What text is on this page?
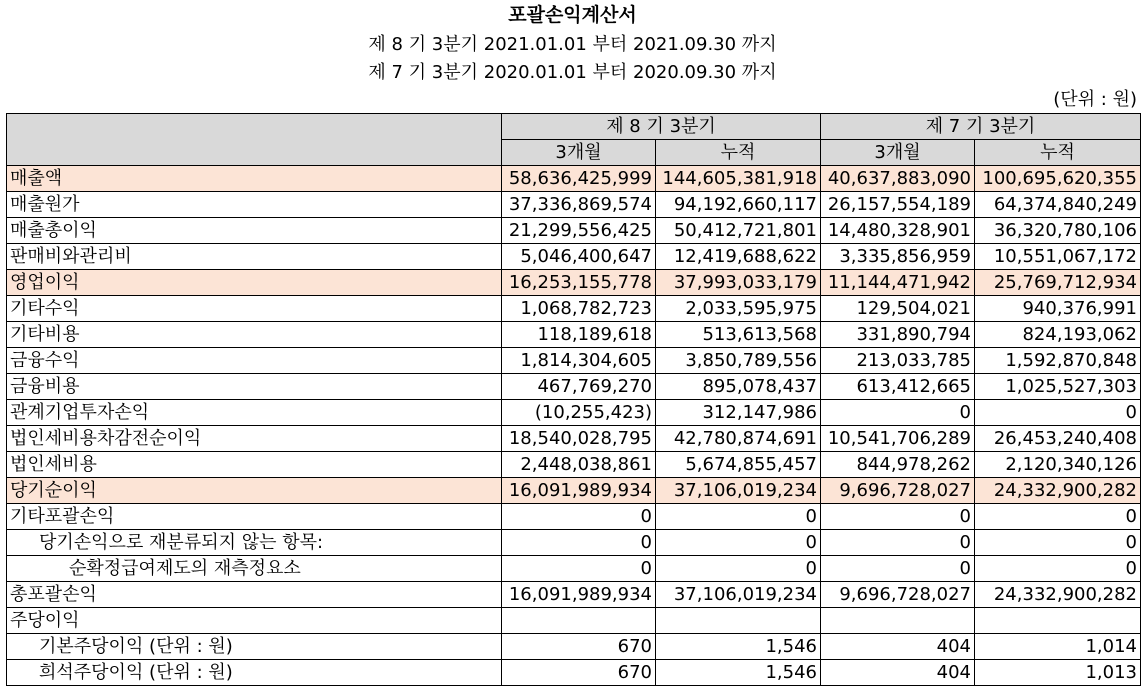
포괄손익계산서
제 8 기 3분기 2021.01.01 부터 2021.09.30 까지
제 7 기 3분기 2020.01.01 부터 2020.09.30 까지
(단위 : 원)
	제 8 기 3분기		제 7 기 3분기	
	3개월	누적	3개월	누적
매출액	58,636,425,999	144,605,381,918	40,637,883,090	100,695,620,355
매출원가	37,336,869,574	94,192,660,117	26,157,554,189	64,374,840,249
매출총이익	21,299,556,425	50,412,721,801	14,480,328,901	36,320,780,106
판매비와관리비	5,046,400,647	12,419,688,622	3,335,856,959	10,551,067,172
영업이익	16,253,155,778	37,993,033,179	11,144,471,942	25,769,712,934
기타수익	1,068,782,723	2,033,595,975	129,504,021	940,376,991
기타비용	118,189,618	513,613,568	331,890,794	824,193,062
금융수익	1,814,304,605	3,850,789,556	213,033,785	1,592,870,848
금융비용	467,769,270	895,078,437	613,412,665	1,025,527,303
관계기업투자손익	(10,255,423)	312,147,986	0	0
법인세비용차감전순이익	18,540,028,795	42,780,874,691	10,541,706,289	26,453,240,408
법인세비용	2,448,038,861	5,674,855,457	844,978,262	2,120,340,126
당기순이익	16,091,989,934	37,106,019,234	9,696,728,027	24,332,900,282
기타포괄손익	0	0	0	0
당기손익으로 재분류되지 않는 항목:	0	0	0	0
순확정급여제도의 재측정요소	0	0	0	0
총포괄손익	16,091,989,934	37,106,019,234	9,696,728,027	24,332,900,282
주당이익				
기본주당이익 (단위 : 원)	670	1,546	404	1,014
희석주당이익 (단위 : 원)	670	1,546	404	1,013
